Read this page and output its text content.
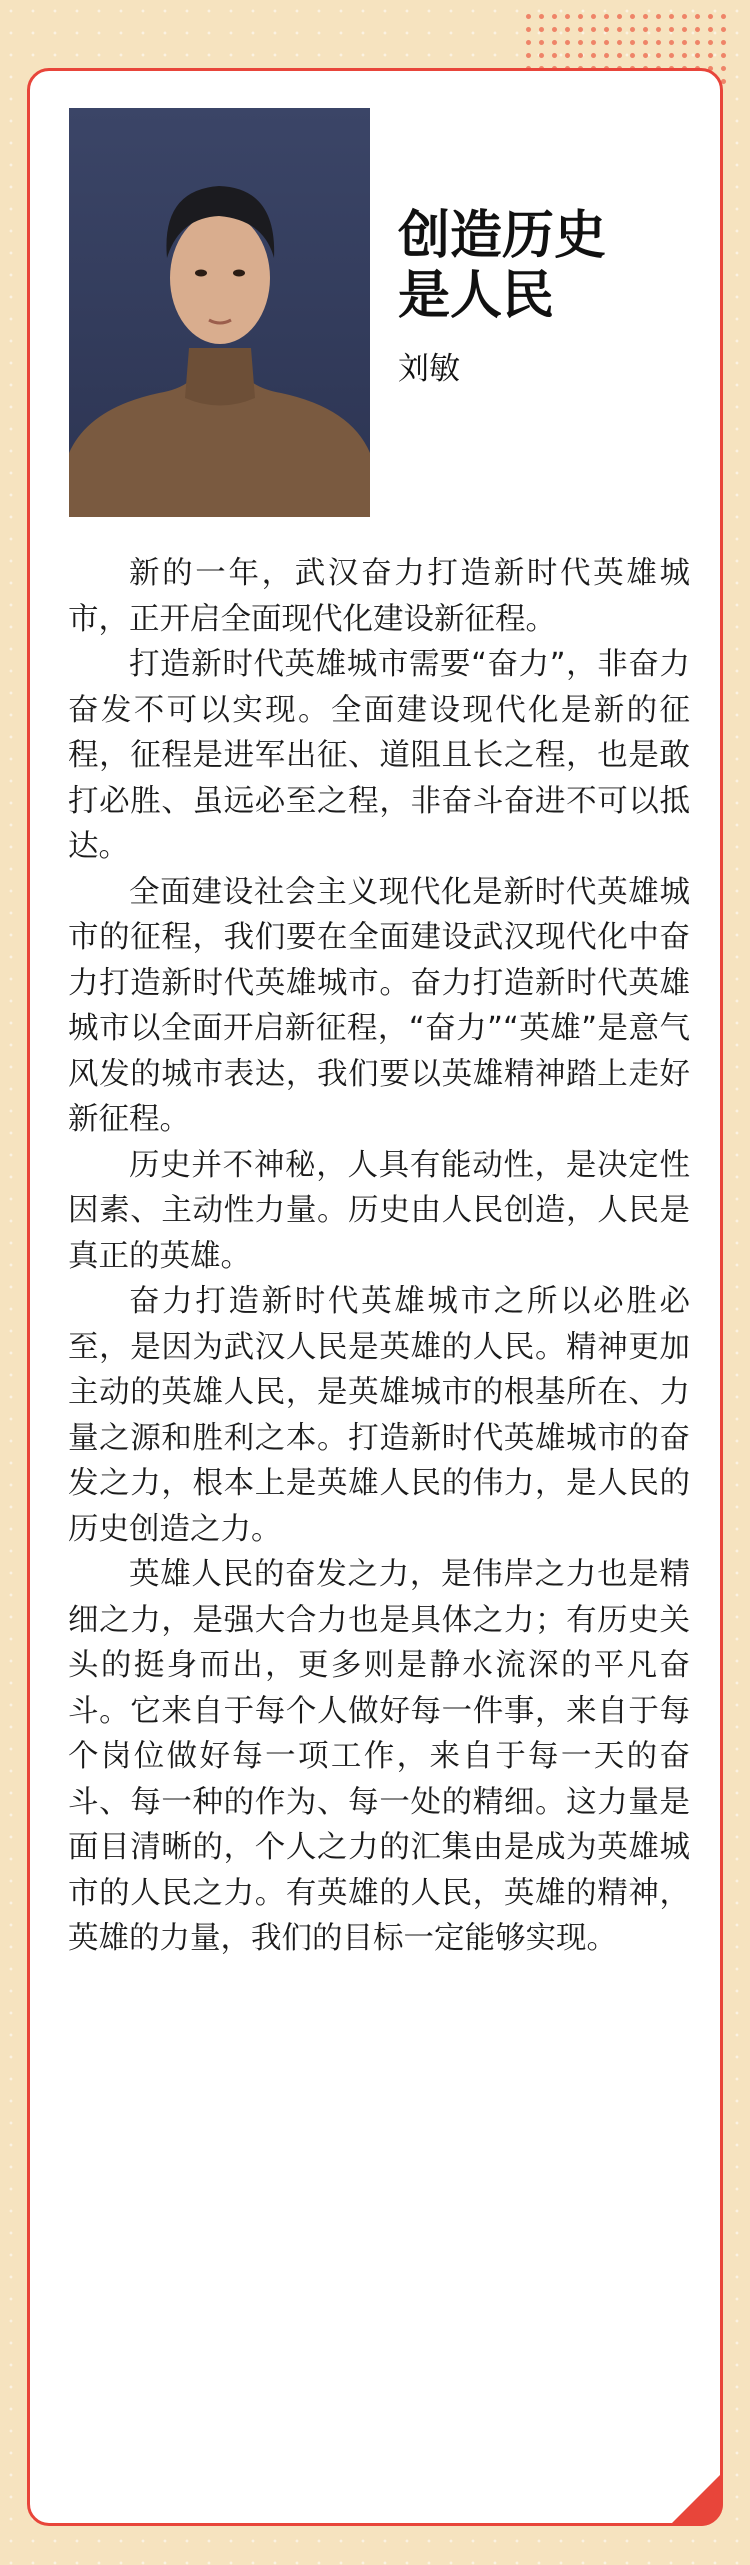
创造历史
是人民
刘敏

新的一年，武汉奋力打造新时代英雄城市，正开启全面现代化建设新征程。

打造新时代英雄城市需要“奋力”，非奋力奋发不可以实现。全面建设现代化是新的征程，征程是进军出征、道阻且长之程，也是敢打必胜、虽远必至之程，非奋斗奋进不可以抵达。

全面建设社会主义现代化是新时代英雄城市的征程，我们要在全面建设武汉现代化中奋力打造新时代英雄城市。奋力打造新时代英雄城市以全面开启新征程，“奋力”“英雄”是意气风发的城市表达，我们要以英雄精神踏上走好新征程。

历史并不神秘，人具有能动性，是决定性因素、主动性力量。历史由人民创造，人民是真正的英雄。

奋力打造新时代英雄城市之所以必胜必至，是因为武汉人民是英雄的人民。精神更加主动的英雄人民，是英雄城市的根基所在、力量之源和胜利之本。打造新时代英雄城市的奋发之力，根本上是英雄人民的伟力，是人民的历史创造之力。

英雄人民的奋发之力，是伟岸之力也是精细之力，是强大合力也是具体之力；有历史关头的挺身而出，更多则是静水流深的平凡奋斗。它来自于每个人做好每一件事，来自于每个岗位做好每一项工作，来自于每一天的奋斗、每一种的作为、每一处的精细。这力量是面目清晰的，个人之力的汇集由是成为英雄城市的人民之力。有英雄的人民，英雄的精神，英雄的力量，我们的目标一定能够实现。
